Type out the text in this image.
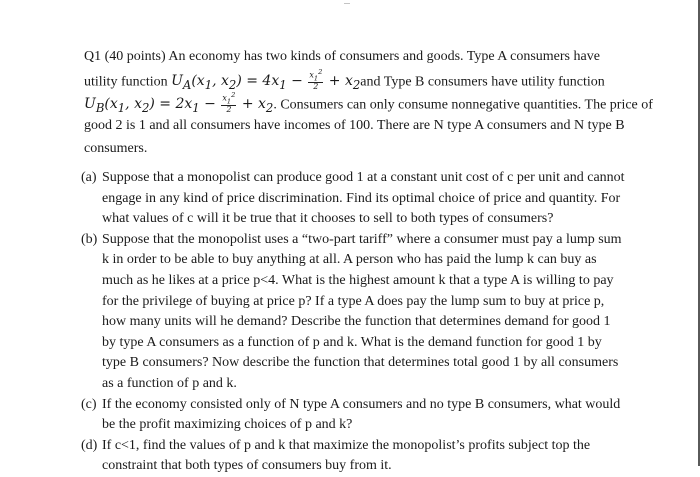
...
Q1 (40 points) An economy has two kinds of consumers and goods. Type A consumers have
utility function $U_A(x_1$, $x_2) = 4x_1 - \frac{x_1^2}{2} + x_2and$ Type B consumers have utility function
$U_B(x_1$, $x_2) = 2x_1 - \frac{x_1^2}{2} + x_2$. Consumers can only consume nonnegative quantities. The price of
good 2 is 1 and all consumers have incomes of 100. There are N type A consumers and N type B
consumers.
(a) Suppose that a monopolist can produce good 1 at a constant unit cost of c per unit and cannot
engage in any kind of price discrimination. Find its optimal choice of price and quantity. For
what values of c will it be true that it chooses to sell to both types of consumers?
(b) Suppose that the monopolist uses a “two-part tariff” where a consumer must pay a lump sum
k in order to be able to buy anything at all. A person who has paid the lump k can buy as
much as he likes at a price p<4. What is the highest amount k that a type A is willing to pay
for the privilege of buying at price p? If a type A does pay the lump sum to buy at price p,
how many units will he demand? Describe the function that determines demand for good 1
by type A consumers as a function of p and k. What is the demand function for good 1 by
type B consumers? Now describe the function that determines total good 1 by all consumers
as a function of p and k.
(c) If the economy consisted only of N type A consumers and no type B consumers, what would
be the profit maximizing choices of p and k?
(d) If c<1, find the values of p and k that maximize the monopolist’s profits subject top the
constraint that both types of consumers buy from it.
